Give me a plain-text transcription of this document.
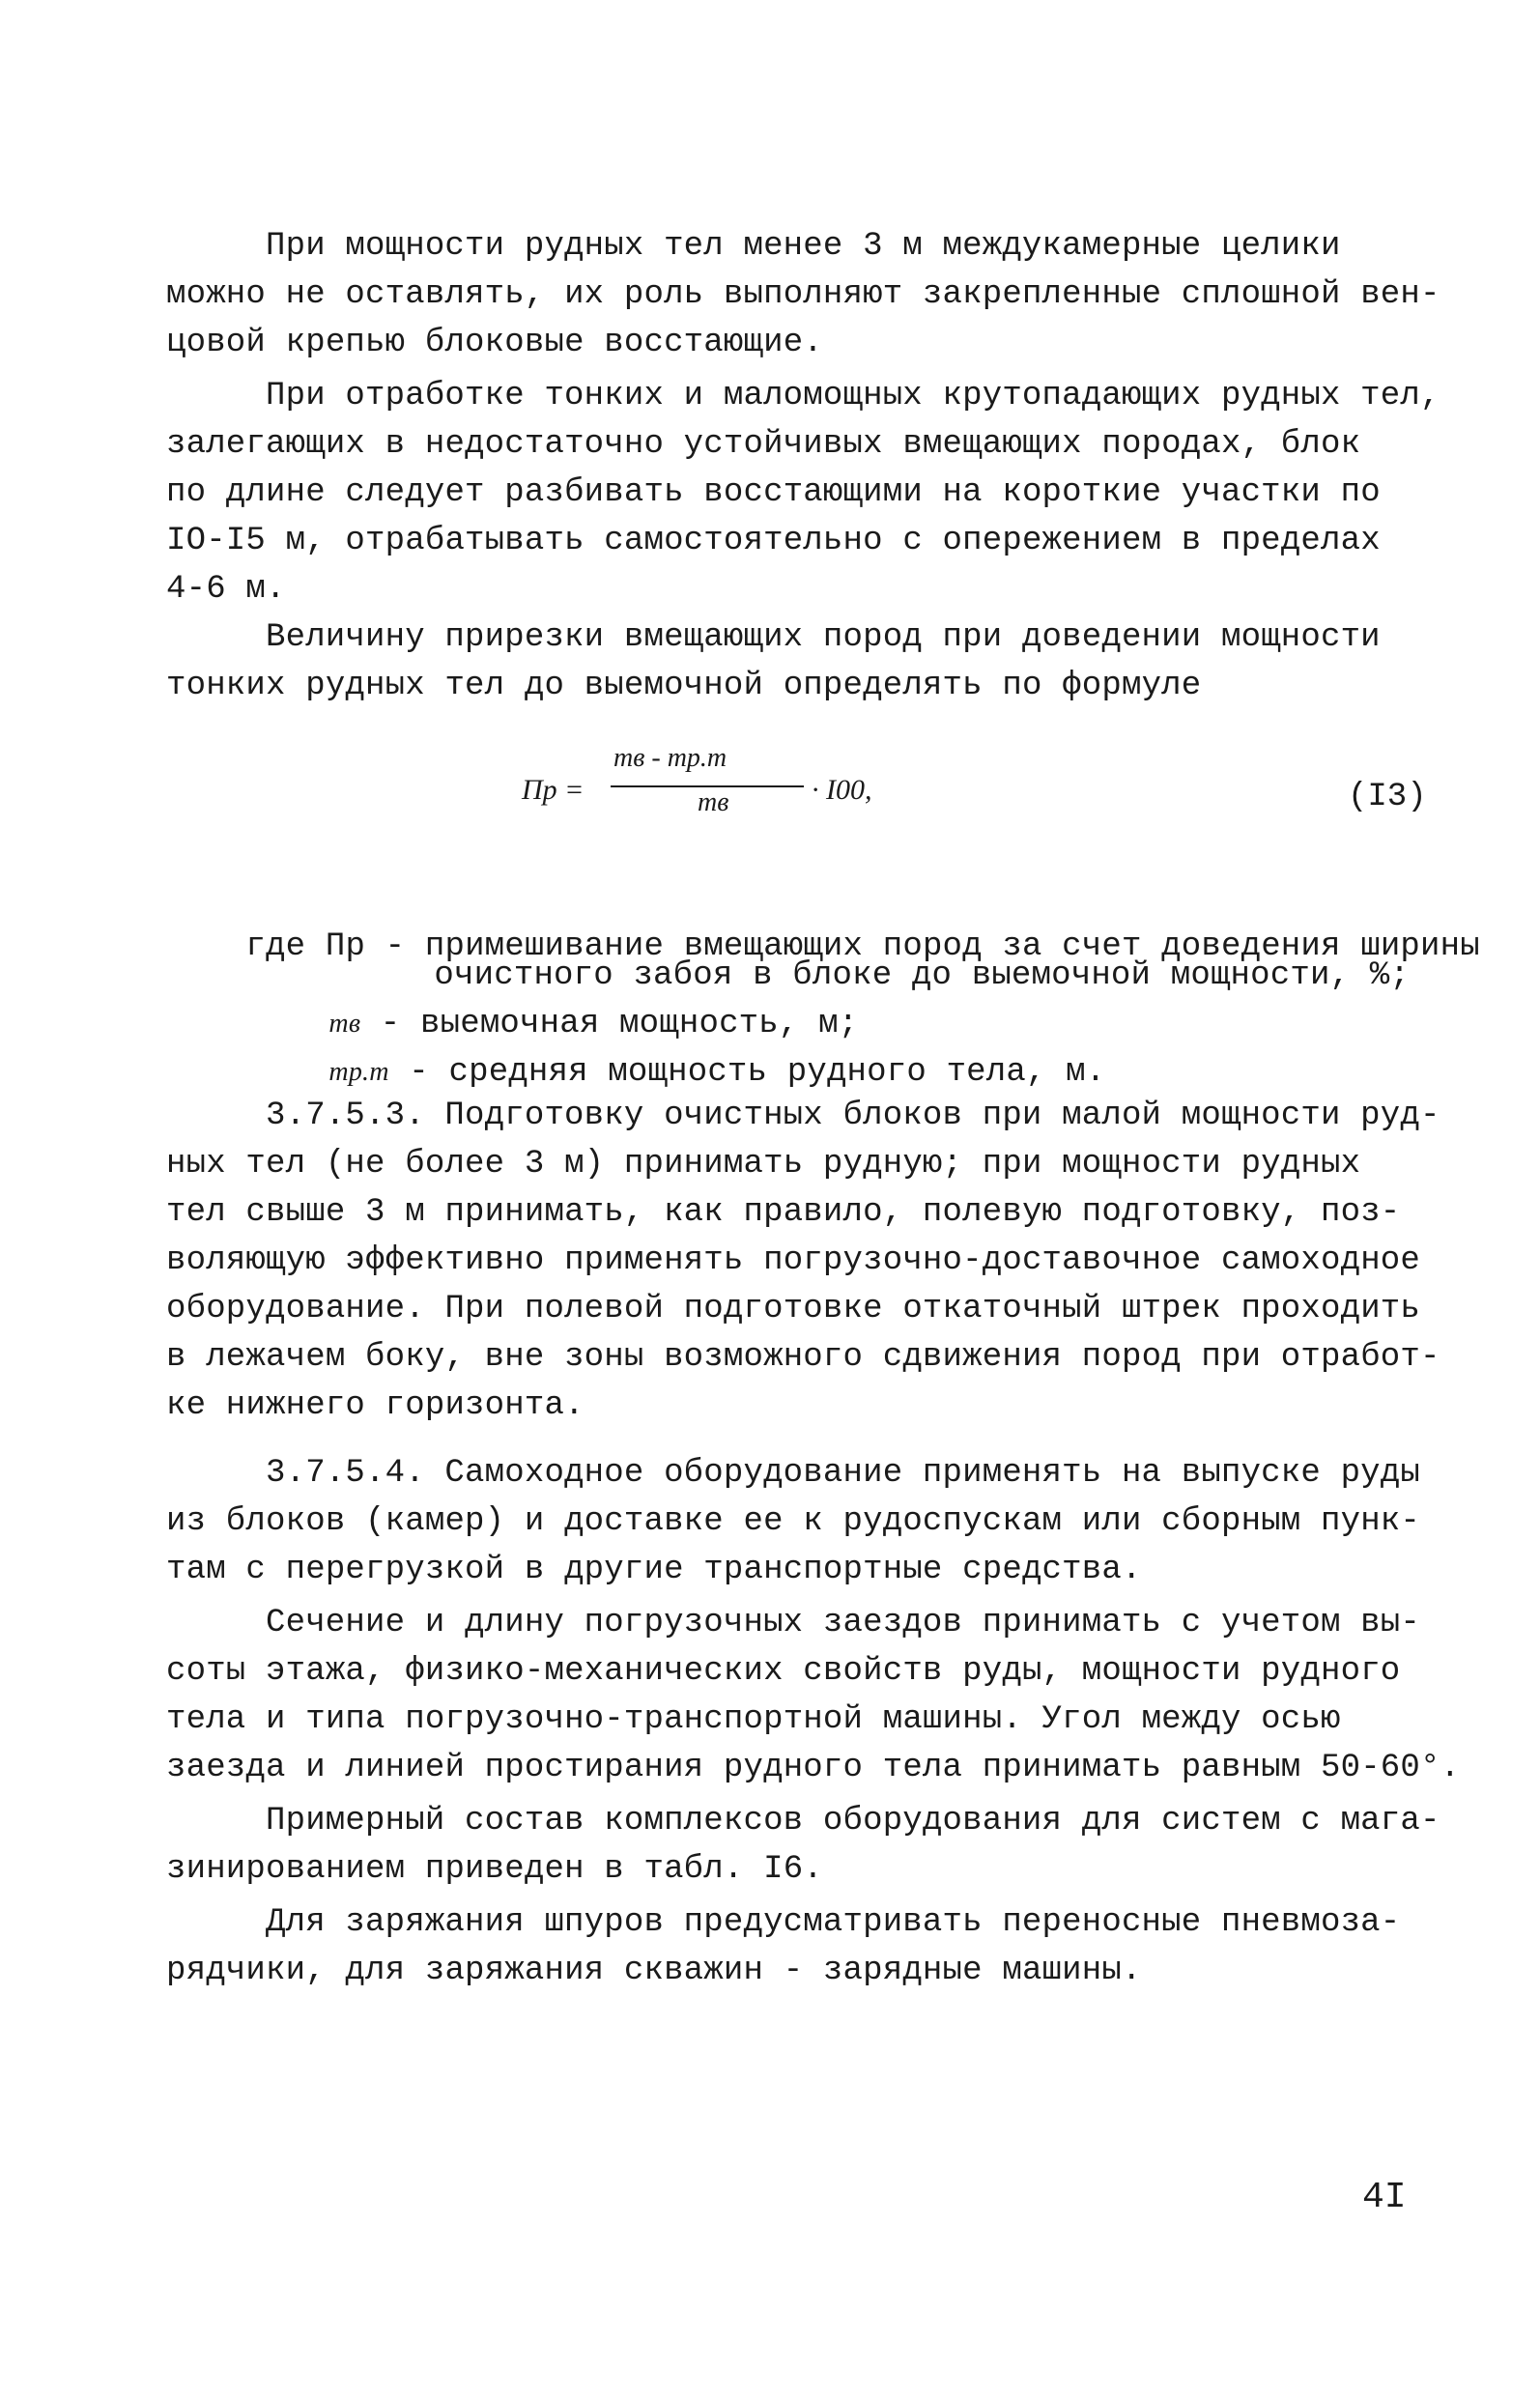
При мощности рудных тел менее 3 м междукамерные целики
можно не оставлять, их роль выполняют закрепленные сплошной вен-
цовой крепью блоковые восстающие.
При отработке тонких и маломощных крутопадающих рудных тел,
залегающих в недостаточно устойчивых вмещающих породах, блок
по длине следует разбивать восстающими на короткие участки по
IO-I5 м, отрабатывать самостоятельно с опережением в пределах
4-6 м.
Величину прирезки вмещающих пород при доведении мощности
тонких рудных тел до выемочной определять по формуле
Пр =
mв - mр.т
mв	· I00,	(I3)

где Пр - примешивание вмещающих пород за счет доведения ширины

очистного забоя в блоке до выемочной мощности, %;

mв - выемочная мощность, м;

mр.т - средняя мощность рудного тела, м.

3.7.5.3. Подготовку очистных блоков при малой мощности руд-
ных тел (не более 3 м) принимать рудную; при мощности рудных
тел свыше 3 м принимать, как правило, полевую подготовку, поз-
воляющую эффективно применять погрузочно-доставочное самоходное
оборудование. При полевой подготовке откаточный штрек проходить
в лежачем боку, вне зоны возможного сдвижения пород при отработ-
ке нижнего горизонта.
3.7.5.4. Самоходное оборудование применять на выпуске руды
из блоков (камер) и доставке ее к рудоспускам или сборным пунк-
там с перегрузкой в другие транспортные средства.
Сечение и длину погрузочных заездов принимать с учетом вы-
соты этажа, физико-механических свойств руды, мощности рудного
тела и типа погрузочно-транспортной машины. Угол между осью
заезда и линией простирания рудного тела принимать равным 50-60°.
Примерный состав комплексов оборудования для систем с мага-
зинированием приведен в табл. I6.
Для заряжания шпуров предусматривать переносные пневмоза-
рядчики, для заряжания скважин - зарядные машины.
4I
